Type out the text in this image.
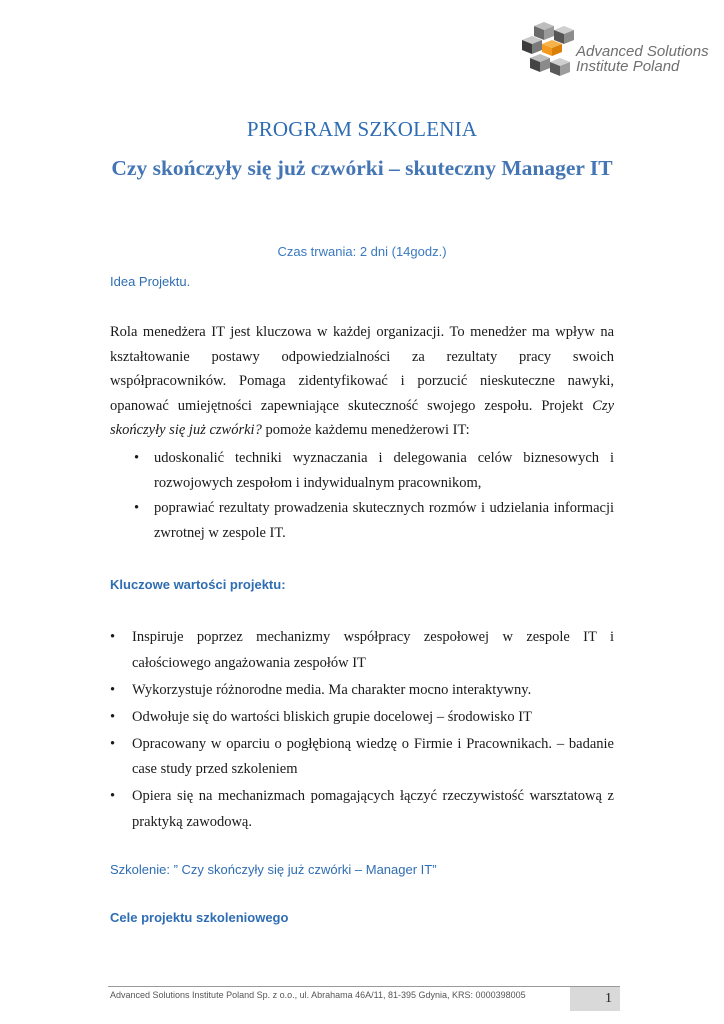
Advanced Solutions
Institute Poland
PROGRAM SZKOLENIA
Czy skończyły się już czwórki – skuteczny Manager IT
Czas trwania: 2 dni (14godz.)
Idea Projektu.

Rola menedżera IT jest kluczowa w każdej organizacji. To menedżer ma wpływ na kształtowanie postawy odpowiedzialności za rezultaty pracy swoich współpracowników. Pomaga zidentyfikować i porzucić nieskuteczne nawyki, opanować umiejętności zapewniające skuteczność swojego zespołu. Projekt Czy skończyły się już czwórki? pomoże każdemu menedżerowi IT:

• udoskonalić techniki wyznaczania i delegowania celów biznesowych i rozwojowych zespołom i indywidualnym pracownikom,
• poprawiać rezultaty prowadzenia skutecznych rozmów i udzielania informacji zwrotnej w zespole IT.
Kluczowe wartości projektu:
• Inspiruje poprzez mechanizmy współpracy zespołowej w zespole IT i całościowego angażowania zespołów IT
• Wykorzystuje różnorodne media. Ma charakter mocno interaktywny.
• Odwołuje się do wartości bliskich grupie docelowej – środowisko IT
• Opracowany w oparciu o pogłębioną wiedzę o Firmie i Pracownikach. – badanie case study przed szkoleniem
• Opiera się na mechanizmach pomagających łączyć rzeczywistość warsztatową z praktyką zawodową.
Szkolenie: ” Czy skończyły się już czwórki – Manager IT”
Cele projektu szkoleniowego
Advanced Solutions Institute Poland Sp. z o.o., ul. Abrahama 46A/11, 81-395 Gdynia, KRS: 0000398005	1
